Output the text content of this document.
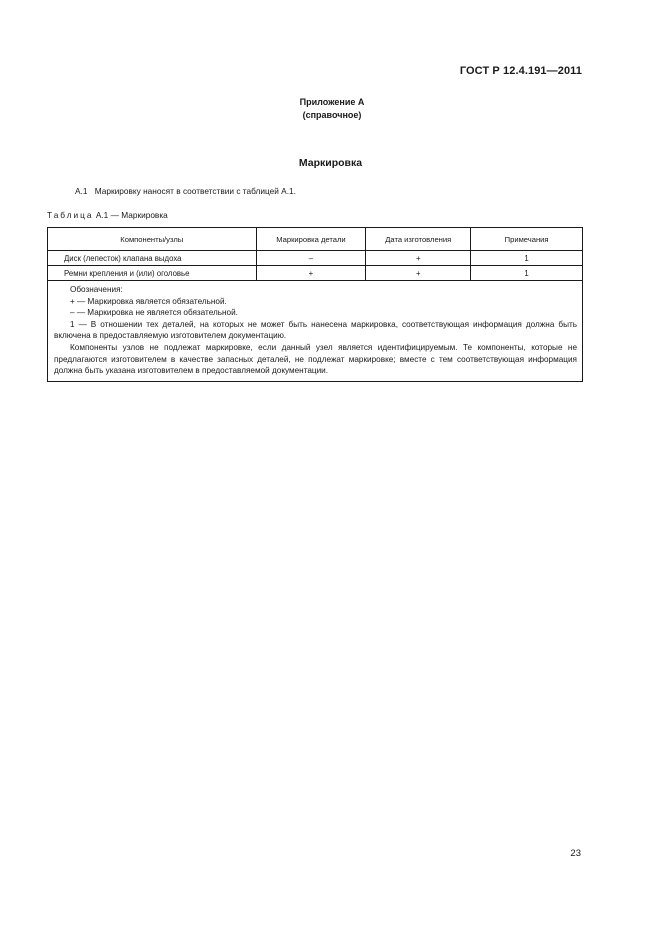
ГОСТ Р 12.4.191—2011
Приложение А
(справочное)
Маркировка
А.1 Маркировку наносят в соответствии с таблицей А.1.
Таблица А.1 — Маркировка
Компоненты/узлы	Маркировка детали	Дата изготовления	Примечания
Диск (лепесток) клапана выдоха	–	+	1
Ремни крепления и (или) оголовье	+	+	1

Обозначения:
+ — Маркировка является обязательной.
– — Маркировка не является обязательной.
1 — В отношении тех деталей, на которых не может быть нанесена маркировка, соответствующая информация должна быть включена в предоставляемую изготовителем документацию.
Компоненты узлов не подлежат маркировке, если данный узел является идентифицируемым. Те компоненты, которые не предлагаются изготовителем в качестве запасных деталей, не подлежат маркировке; вместе с тем соответствующая информация должна быть указана изготовителем в предоставляемой документации.			
23
